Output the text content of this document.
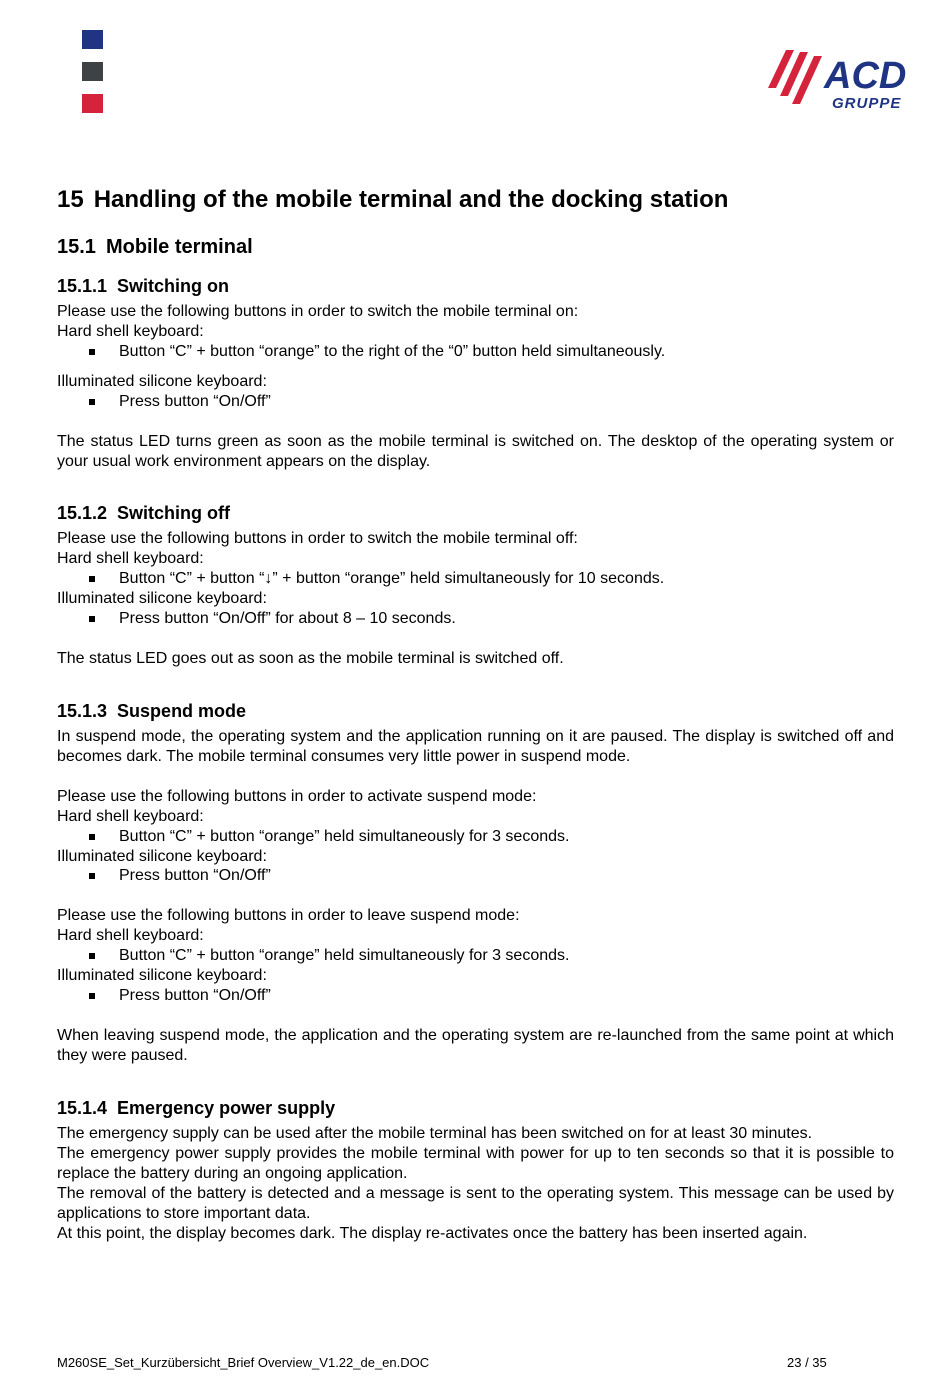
ACD
GRUPPE
15 Handling of the mobile terminal and the docking station
15.1 Mobile terminal
15.1.1 Switching on
Please use the following buttons in order to switch the mobile terminal on:
Hard shell keyboard:
Button “C” + button “orange” to the right of the “0” button held simultaneously.
Illuminated silicone keyboard:
Press button “On/Off”
The status LED turns green as soon as the mobile terminal is switched on. The desktop of the operating system or your usual work environment appears on the display.
15.1.2 Switching off
Please use the following buttons in order to switch the mobile terminal off:
Hard shell keyboard:
Button “C” + button “↓” + button “orange” held simultaneously for 10 seconds.
Illuminated silicone keyboard:
Press button “On/Off” for about 8 – 10 seconds.
The status LED goes out as soon as the mobile terminal is switched off.
15.1.3 Suspend mode
In suspend mode, the operating system and the application running on it are paused. The display is switched off and becomes dark. The mobile terminal consumes very little power in suspend mode.
Please use the following buttons in order to activate suspend mode:
Hard shell keyboard:
Button “C” + button “orange” held simultaneously for 3 seconds.
Illuminated silicone keyboard:
Press button “On/Off”
Please use the following buttons in order to leave suspend mode:
Hard shell keyboard:
Button “C” + button “orange” held simultaneously for 3 seconds.
Illuminated silicone keyboard:
Press button “On/Off”
When leaving suspend mode, the application and the operating system are re-launched from the same point at which they were paused.
15.1.4 Emergency power supply
The emergency supply can be used after the mobile terminal has been switched on for at least 30 minutes.
The emergency power supply provides the mobile terminal with power for up to ten seconds so that it is possible to replace the battery during an ongoing application.
The removal of the battery is detected and a message is sent to the operating system. This message can be used by applications to store important data.
At this point, the display becomes dark. The display re-activates once the battery has been inserted again.
M260SE_Set_Kurzübersicht_Brief Overview_V1.22_de_en.DOC	23 / 35
